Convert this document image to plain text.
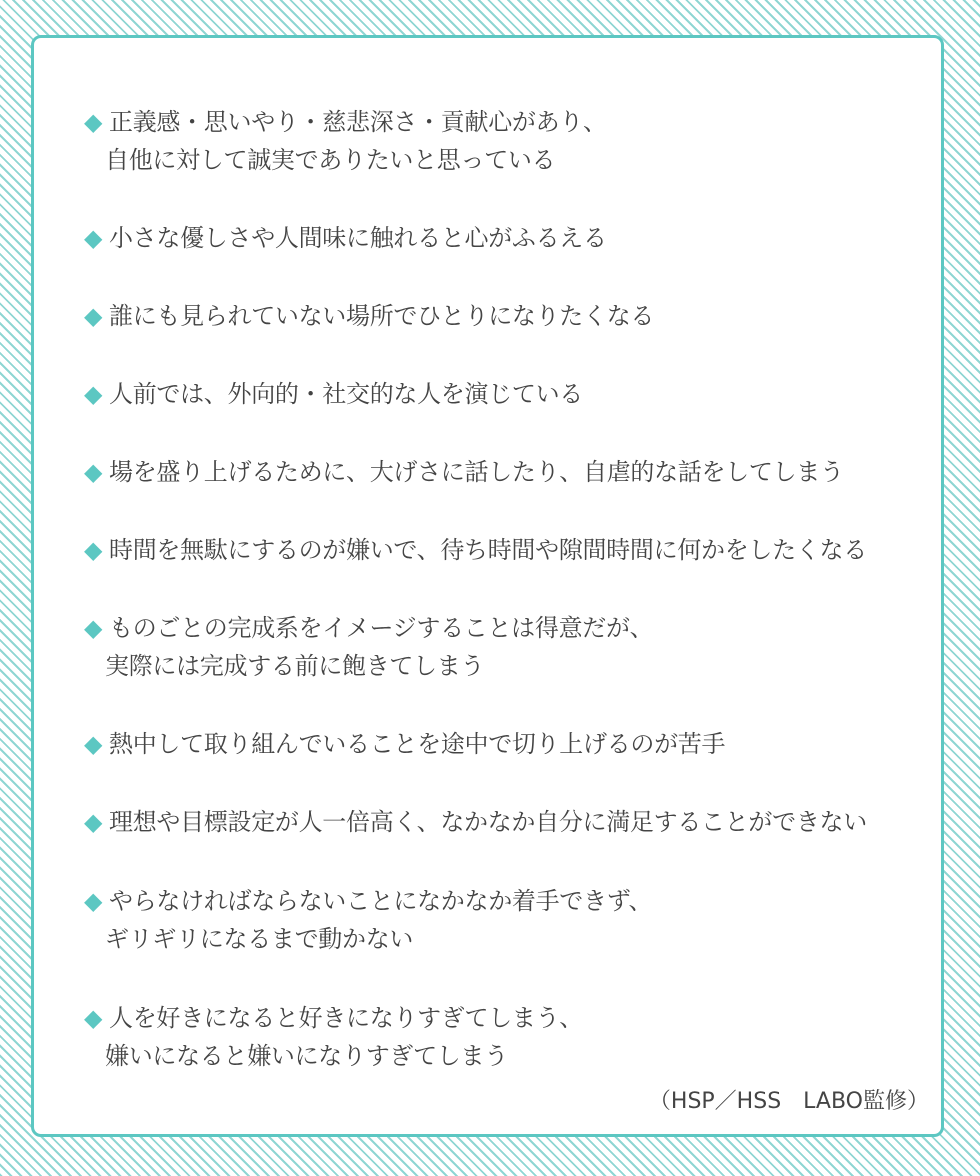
◆ 正義感・思いやり・慈悲深さ・貢献心があり、
自他に対して誠実でありたいと思っている
◆ 小さな優しさや人間味に触れると心がふるえる
◆ 誰にも見られていない場所でひとりになりたくなる
◆ 人前では、外向的・社交的な人を演じている
◆ 場を盛り上げるために、大げさに話したり、自虐的な話をしてしまう
◆ 時間を無駄にするのが嫌いで、待ち時間や隙間時間に何かをしたくなる
◆ ものごとの完成系をイメージすることは得意だが、
実際には完成する前に飽きてしまう
◆ 熱中して取り組んでいることを途中で切り上げるのが苦手
◆ 理想や目標設定が人一倍高く、なかなか自分に満足することができない
◆ やらなければならないことになかなか着手できず、
ギリギリになるまで動かない
◆ 人を好きになると好きになりすぎてしまう、
嫌いになると嫌いになりすぎてしまう
（HSP／HSS　LABO監修）
